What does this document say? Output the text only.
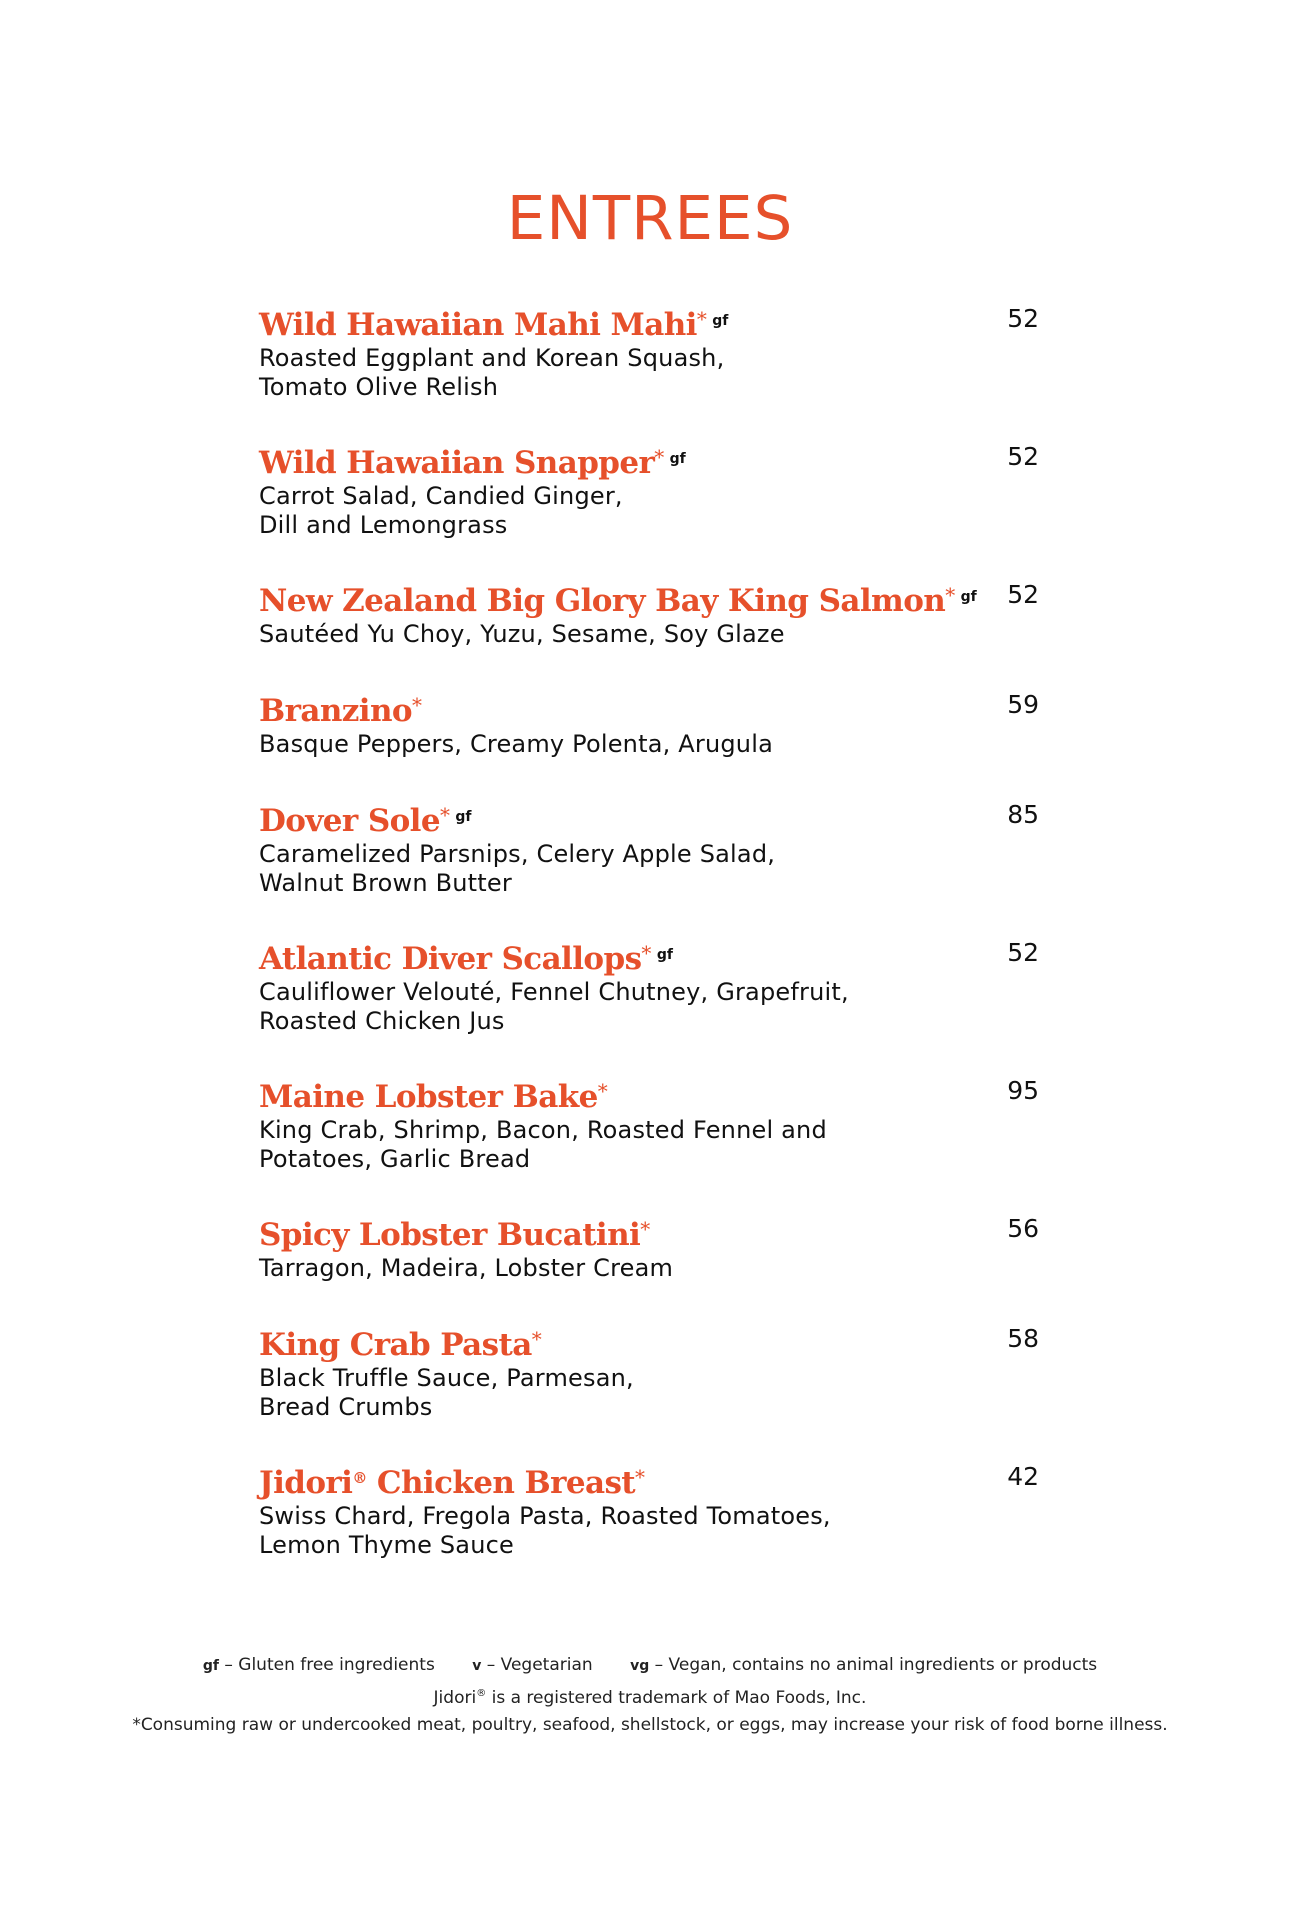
ENTREES
Wild Hawaiian Mahi Mahi* $^{gf}$
Roasted Eggplant and Korean Squash,
Tomato Olive Relish
52
Wild Hawaiian Snapper* $^{gf}$
Carrot Salad, Candied Ginger,
Dill and Lemongrass
52
New Zealand Big Glory Bay King Salmon* $^{gf}$
Sautéed Yu Choy, Yuzu, Sesame, Soy Glaze
52
Branzino*
Basque Peppers, Creamy Polenta, Arugula
59
Dover Sole* $^{gf}$
Caramelized Parsnips, Celery Apple Salad,
Walnut Brown Butter
85
Atlantic Diver Scallops* $^{gf}$
Cauliflower Velouté, Fennel Chutney, Grapefruit,
Roasted Chicken Jus
52
Maine Lobster Bake*
King Crab, Shrimp, Bacon, Roasted Fennel and
Potatoes, Garlic Bread
95
Spicy Lobster Bucatini*
Tarragon, Madeira, Lobster Cream
56
King Crab Pasta*
Black Truffle Sauce, Parmesan,
Bread Crumbs
58
Jidori® Chicken Breast*
Swiss Chard, Fregola Pasta, Roasted Tomatoes,
Lemon Thyme Sauce
42
gf – Gluten free ingredients	v – Vegetarian	vg – Vegan, contains no animal ingredients or products
Jidori® is a registered trademark of Mao Foods, Inc.
*Consuming raw or undercooked meat, poultry, seafood, shellstock, or eggs, may increase your risk of food borne illness.
